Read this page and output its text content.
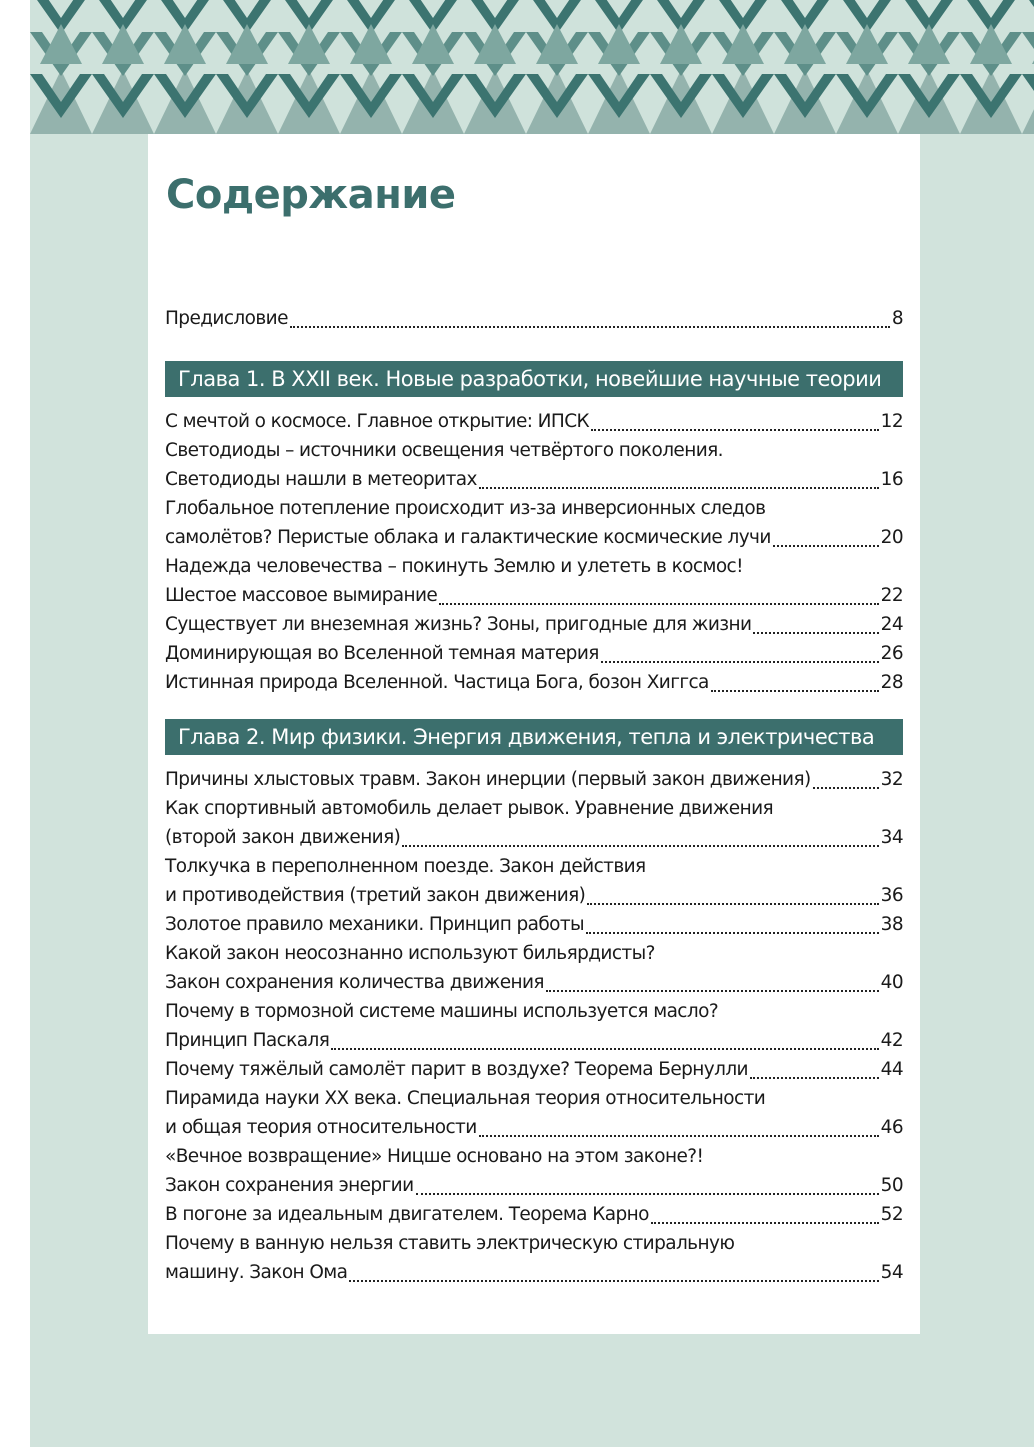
Содержание
Предисловие	8
Глава 1. В XXII век. Новые разработки, новейшие научные теории
С мечтой о космосе. Главное открытие: ИПСК	12
Светодиоды – источники освещения четвёртого поколения.
Светодиоды нашли в метеоритах	16
Глобальное потепление происходит из-за инверсионных следов
самолётов? Перистые облака и галактические космические лучи	20
Надежда человечества – покинуть Землю и улететь в космос!
Шестое массовое вымирание	22
Существует ли внеземная жизнь? Зоны, пригодные для жизни	24
Доминирующая во Вселенной темная материя	26
Истинная природа Вселенной. Частица Бога, бозон Хиггса	28
Глава 2. Мир физики. Энергия движения, тепла и электричества
Причины хлыстовых травм. Закон инерции (первый закон движения)	32
Как спортивный автомобиль делает рывок. Уравнение движения
(второй закон движения)	34
Толкучка в переполненном поезде. Закон действия
и противодействия (третий закон движения)	36
Золотое правило механики. Принцип работы	38
Какой закон неосознанно используют бильярдисты?
Закон сохранения количества движения	40
Почему в тормозной системе машины используется масло?
Принцип Паскаля	42
Почему тяжёлый самолёт парит в воздухе? Теорема Бернулли	44
Пирамида науки XX века. Специальная теория относительности
и общая теория относительности	46
«Вечное возвращение» Ницше основано на этом законе?!
Закон сохранения энергии	50
В погоне за идеальным двигателем. Теорема Карно	52
Почему в ванную нельзя ставить электрическую стиральную
машину. Закон Ома	54
